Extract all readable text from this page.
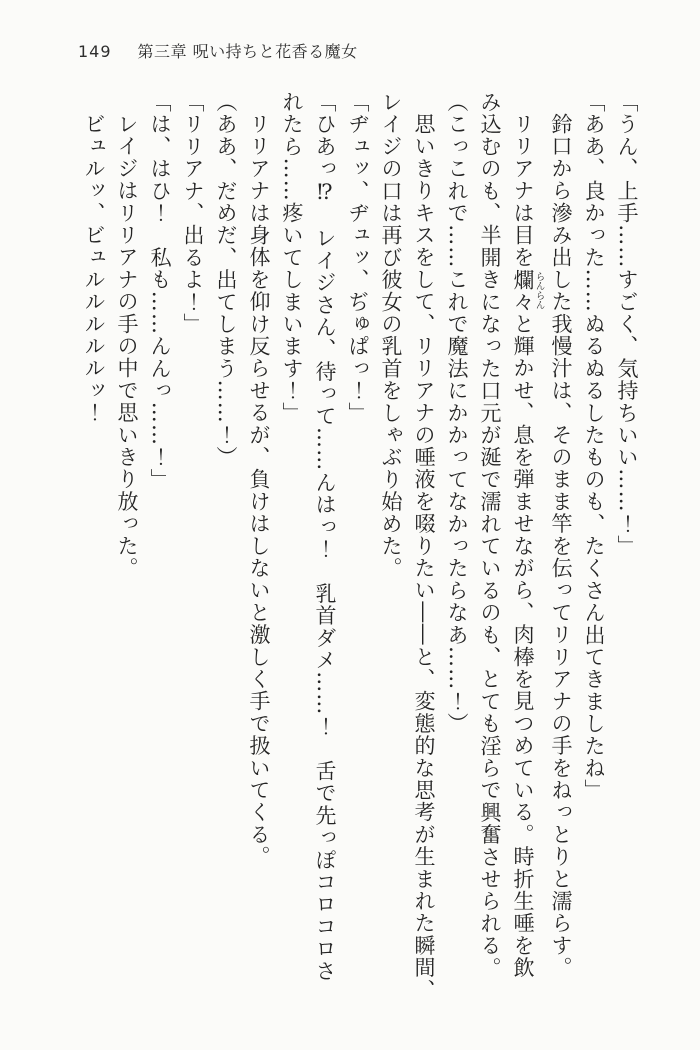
149 第三章 呪い持ちと花香る魔女

「うん、上手……すごく、気持ちいい……！」

「ああ、良かった……ぬるぬるしたものも、たくさん出てきましたね」

鈴口から滲み出した我慢汁は、そのまま竿を伝ってリリアナの手をねっとりと濡らす。

リリアナは目を爛々らんらんと輝かせ、息を弾ませながら、肉棒を見つめている。時折生唾を飲

み込むのも、半開きになった口元が涎で濡れているのも、とても淫らで興奮させられる。

（こっこれで……これで魔法にかかってなかったらなあ……！）

思いきりキスをして、リリアナの唾液を啜りたい――と、変態的な思考が生まれた瞬間、

レイジの口は再び彼女の乳首をしゃぶり始めた。

「ヂュッ、ヂュッ、ぢゅぱっ！」

「ひあっ⁉　レイジさん、待って……んはっ！　乳首ダメ……！　舌で先っぽコロコロさ

れたら……疼いてしまいます！」

リリアナは身体を仰け反らせるが、負けはしないと激しく手で扱いてくる。

（ああ、だめだ、出てしまう……！）

「リリアナ、出るよ！」

「は、はひ！　私も……んんっ……！」

レイジはリリアナの手の中で思いきり放った。

ビュルッ、ビュルルルルルッ！
